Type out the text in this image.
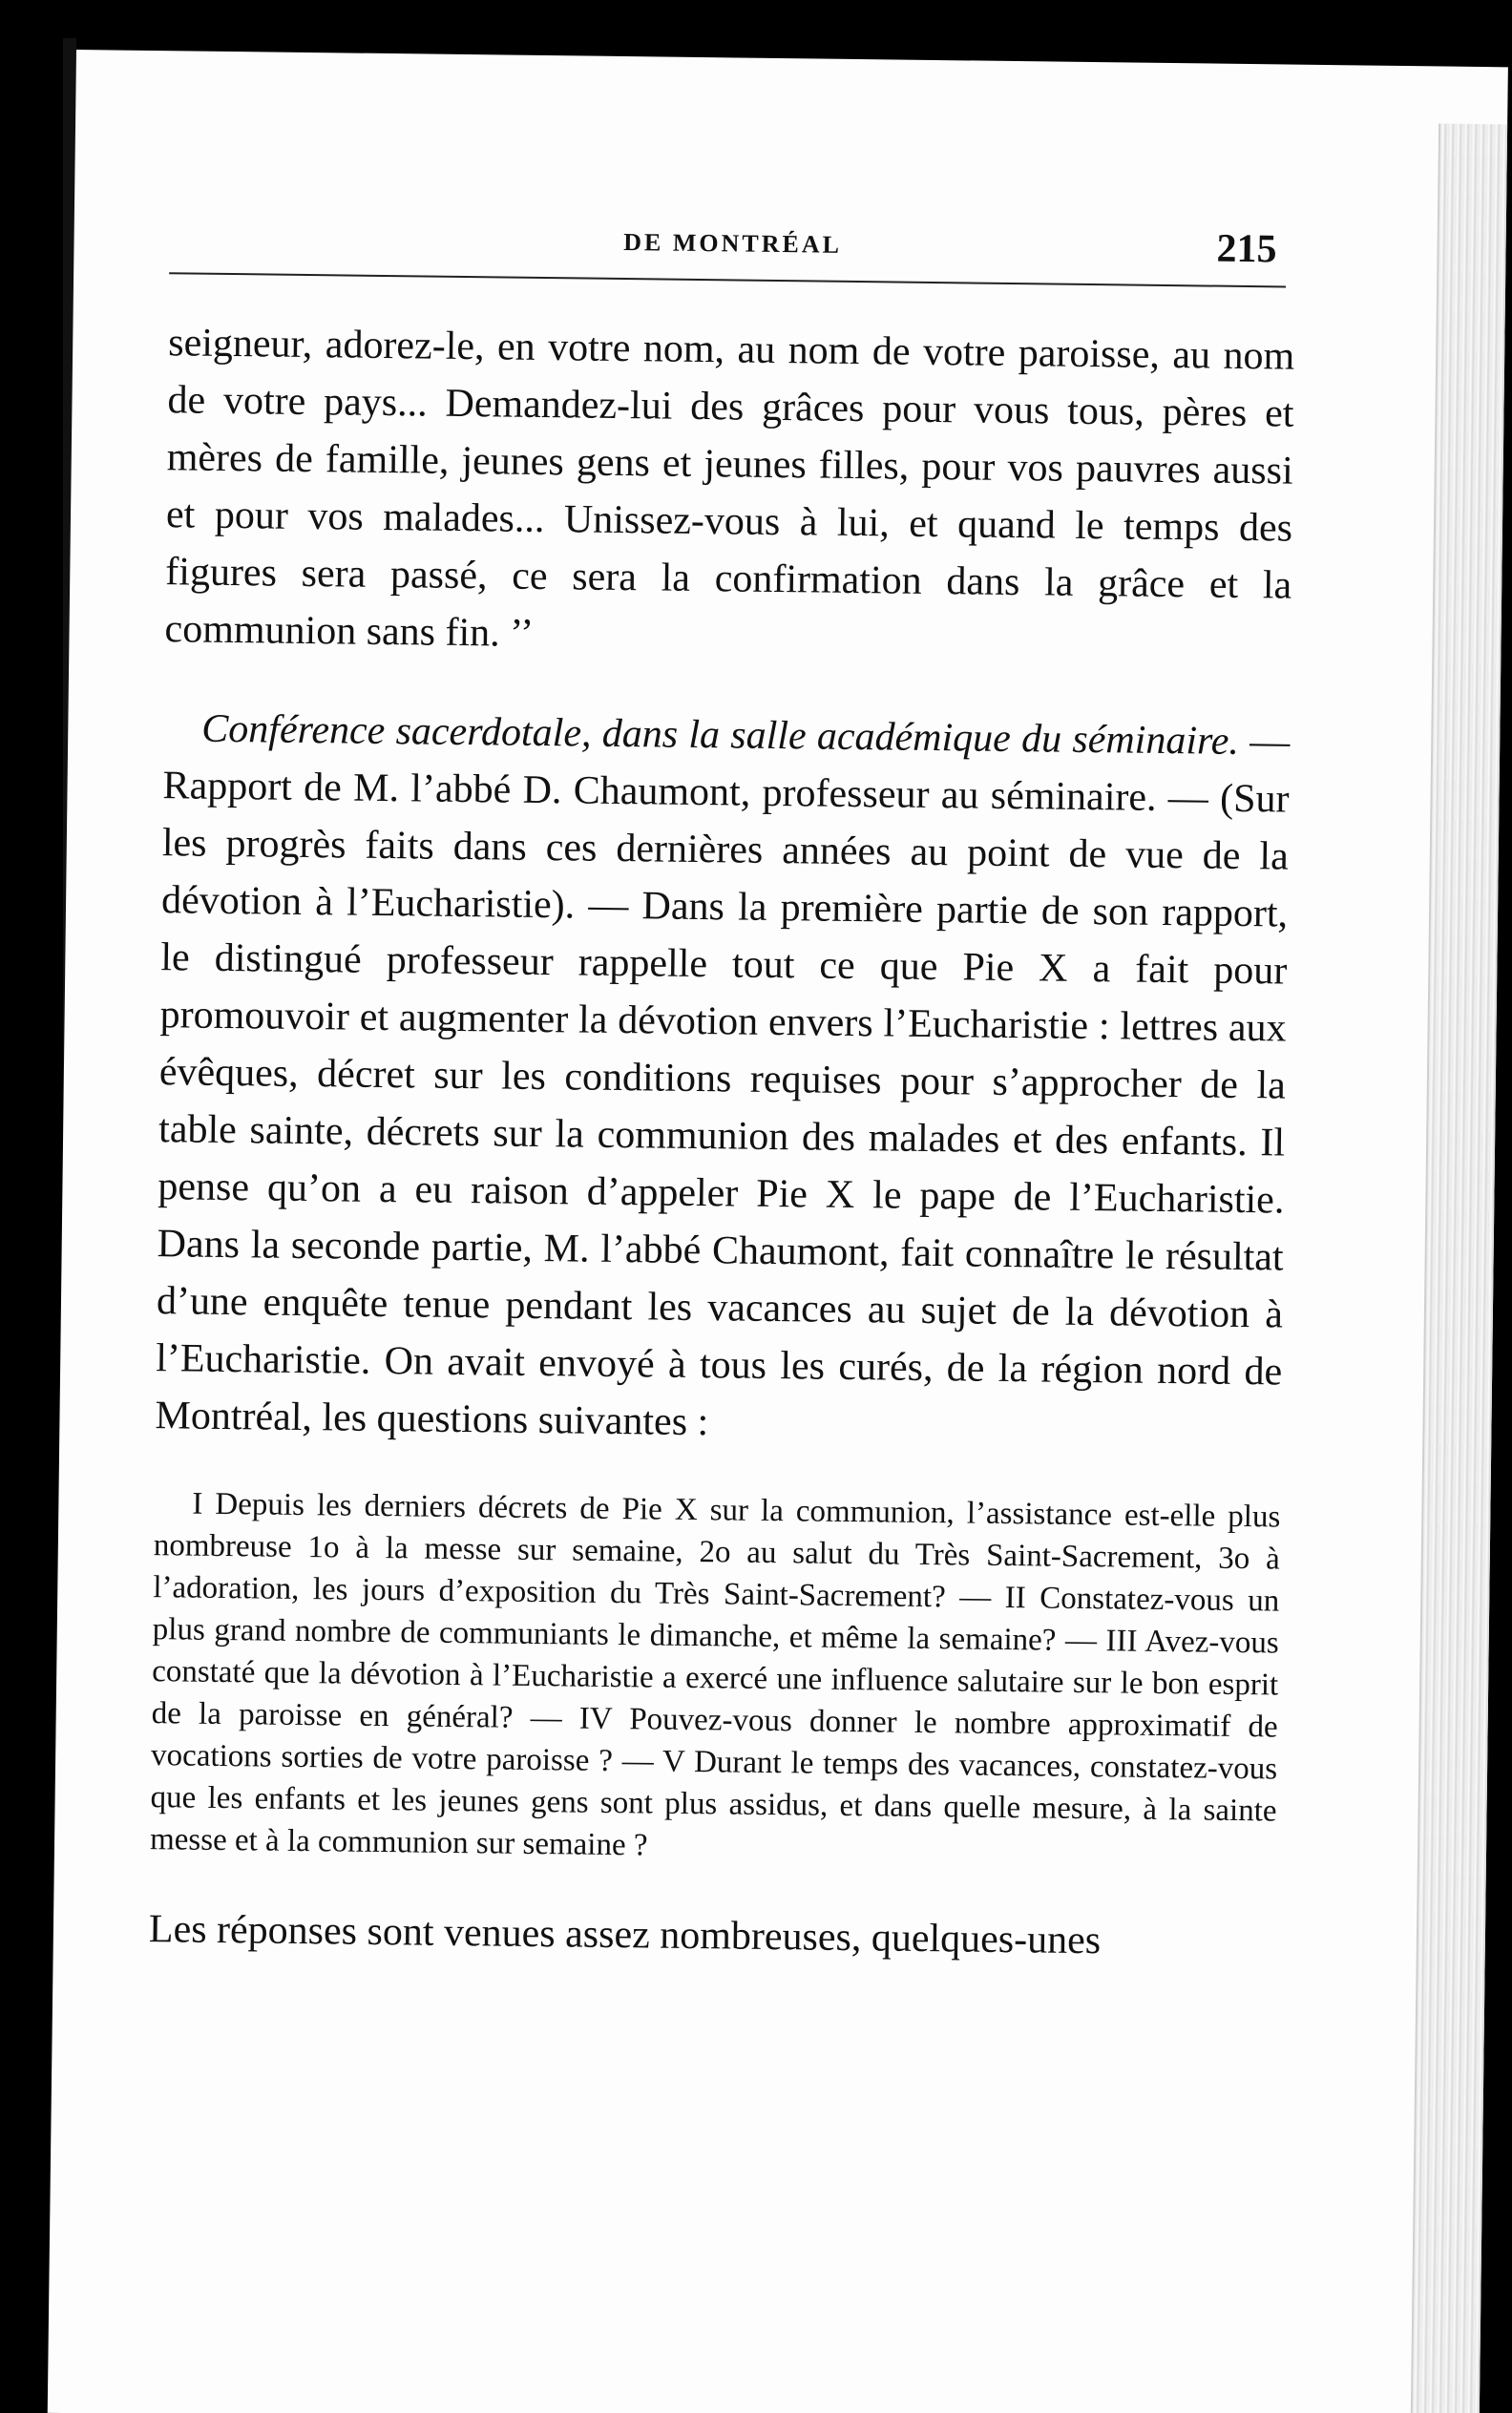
DE MONTRÉAL	215

seigneur, adorez-le, en votre nom, au nom de votre paroisse, au nom de votre pays... Demandez-lui des grâces pour vous tous, pères et mères de famille, jeunes gens et jeunes filles, pour vos pauvres aussi et pour vos malades... Unissez-vous à lui, et quand le temps des figures sera passé, ce sera la confirmation dans la grâce et la communion sans fin. ’’

Conférence sacerdotale, dans la salle académique du séminaire. — Rapport de M. l’abbé D. Chaumont, professeur au séminaire. — (Sur les progrès faits dans ces dernières années au point de vue de la dévotion à l’Eucharistie). — Dans la première partie de son rapport, le distingué professeur rappelle tout ce que Pie X a fait pour promouvoir et augmenter la dévotion envers l’Eucharistie : lettres aux évêques, décret sur les conditions requises pour s’approcher de la table sainte, décrets sur la communion des malades et des enfants. Il pense qu’on a eu raison d’appeler Pie X le pape de l’Eucharistie. Dans la seconde partie, M. l’abbé Chaumont, fait connaître le résultat d’une enquête tenue pendant les vacances au sujet de la dévotion à l’Eucharistie. On avait envoyé à tous les curés, de la région nord de Montréal, les questions suivantes :

I Depuis les derniers décrets de Pie X sur la communion, l’assistance est-elle plus nombreuse 1o à la messe sur semaine, 2o au salut du Très Saint-Sacrement, 3o à l’adoration, les jours d’exposition du Très Saint-Sacrement? — II Constatez-vous un plus grand nombre de communiants le dimanche, et même la semaine? — III Avez-vous constaté que la dévotion à l’Eucharistie a exercé une influence salutaire sur le bon esprit de la paroisse en général? — IV Pouvez-vous donner le nombre approximatif de vocations sorties de votre paroisse ? — V Durant le temps des vacances, constatez-vous que les enfants et les jeunes gens sont plus assidus, et dans quelle mesure, à la sainte messe et à la communion sur semaine ?

Les réponses sont venues assez nombreuses, quelques-unes
